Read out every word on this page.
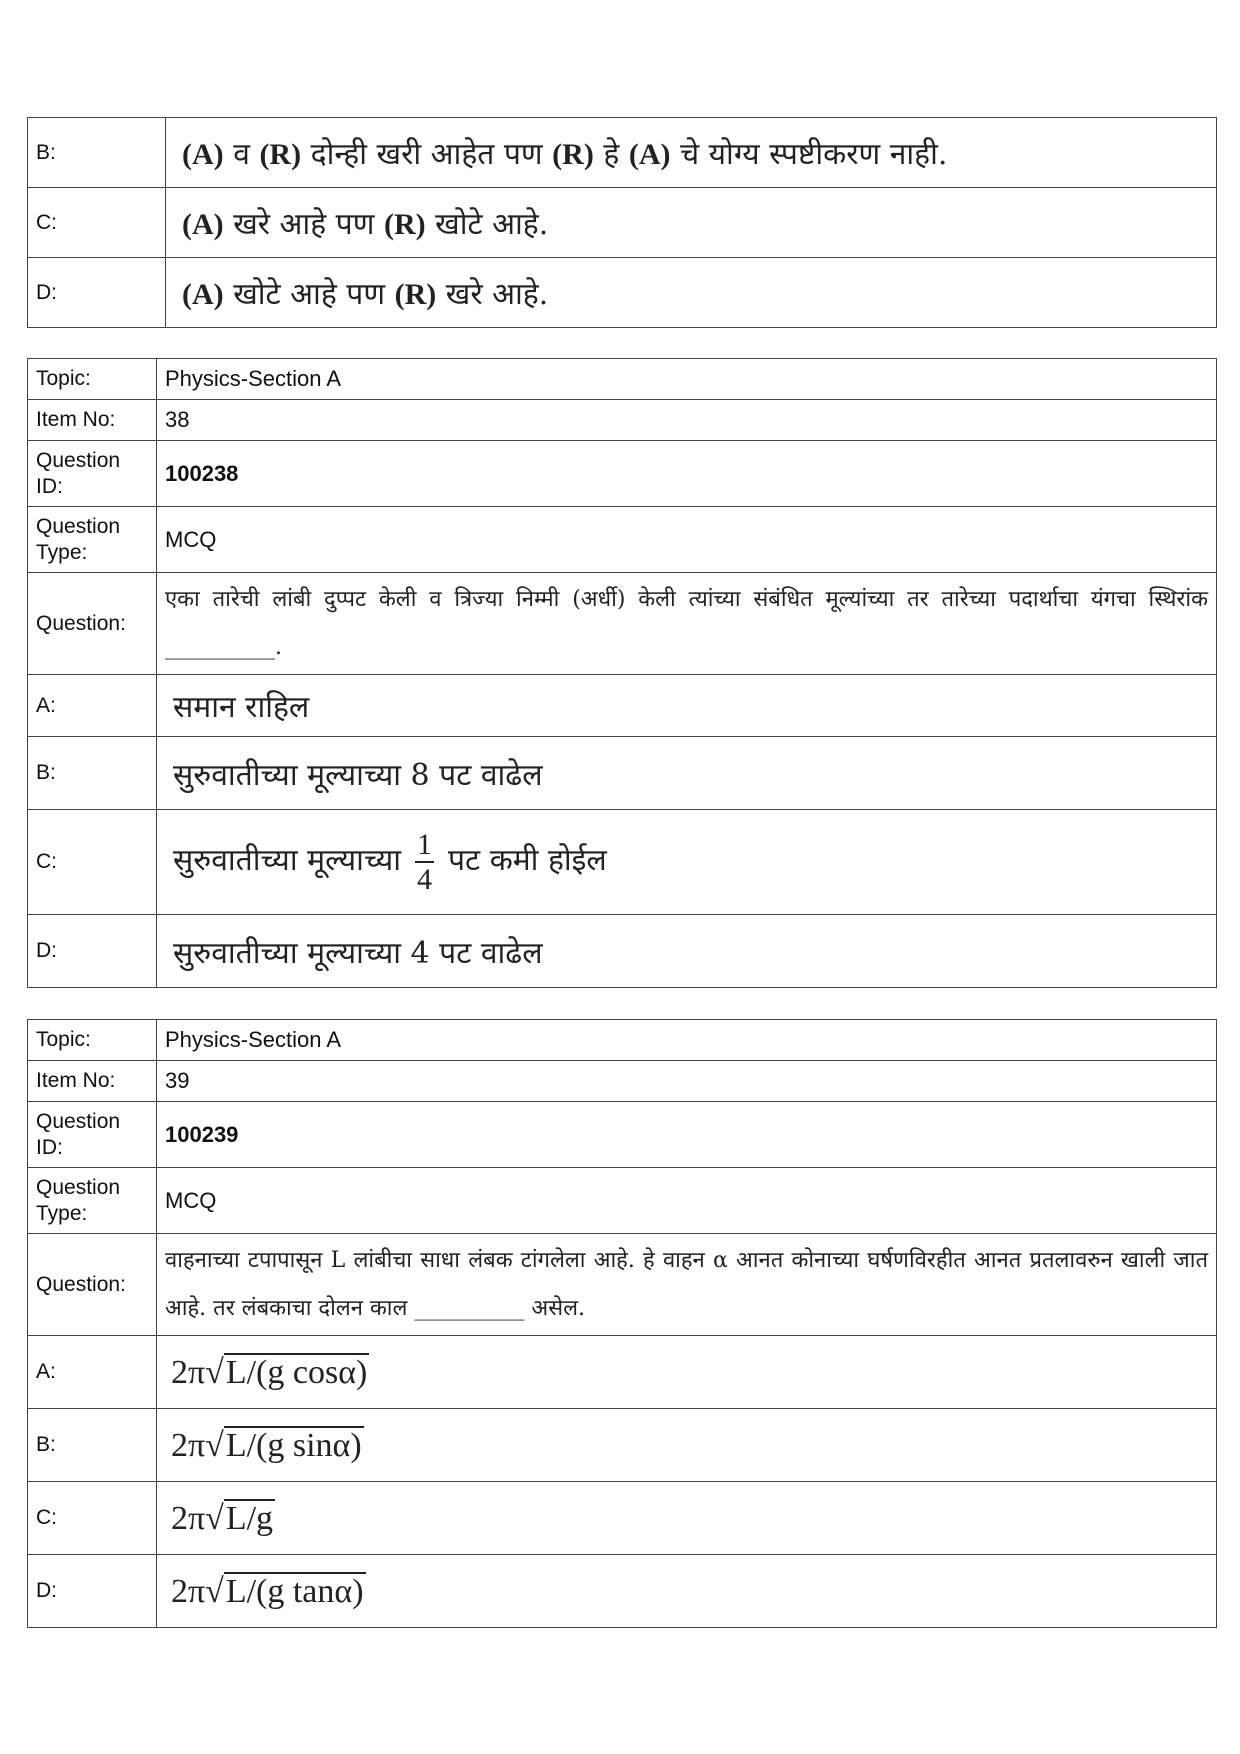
B:	(A) व (R) दोन्ही खरी आहेत पण (R) हे (A) चे योग्य स्पष्टीकरण नाही.
C:	(A) खरे आहे पण (R) खोटे आहे.
D:	(A) खोटे आहे पण (R) खरे आहे.
Topic:	Physics-Section A
Item No:	38
Question ID:	100238
Question Type:	MCQ
Question:	एका तारेची लांबी दुप्पट केली व त्रिज्या निम्मी (अर्धी) केली त्यांच्या संबंधित मूल्यांच्या तर तारेच्या पदार्थाचा यंगचा स्थिरांक __________.
A:	समान राहिल
B:	सुरुवातीच्या मूल्याच्या 8 पट वाढेल
C:	सुरुवातीच्या मूल्याच्या $\frac{1}{4}$ पट कमी होईल
D:	सुरुवातीच्या मूल्याच्या 4 पट वाढेल
Topic:	Physics-Section A
Item No:	39
Question ID:	100239
Question Type:	MCQ
Question:	वाहनाच्या टपापासून L लांबीचा साधा लंबक टांगलेला आहे. हे वाहन α आनत कोनाच्या घर्षणविरहीत आनत प्रतलावरुन खाली जात आहे. तर लंबकाचा दोलन काल __________ असेल.
A:	2π√L/(g cosα)
B:	2π√L/(g sinα)
C:	2π√L/g
D:	2π√L/(g tanα)
